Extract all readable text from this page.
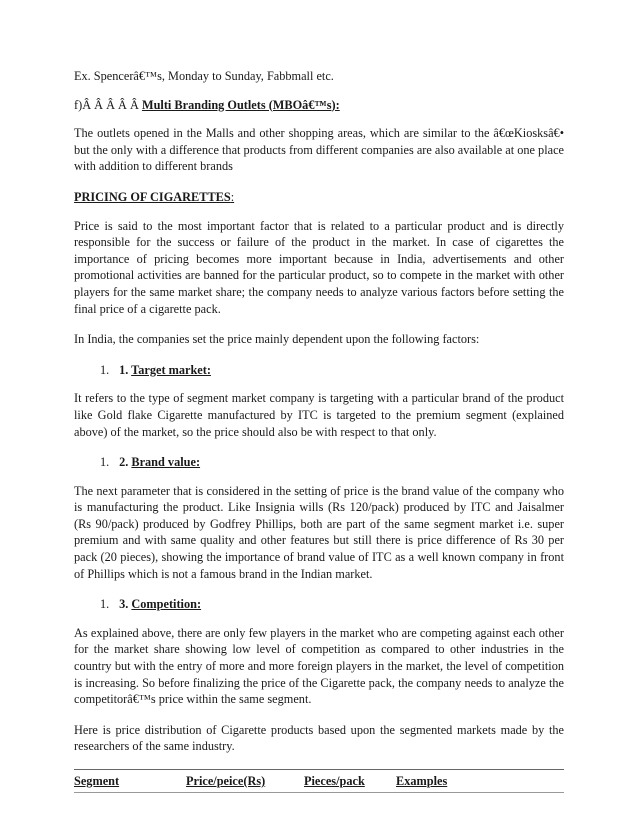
Ex. Spencerâ€™s, Monday to Sunday, Fabbmall etc.

f)Â Â Â Â Â Multi Branding Outlets (MBOâ€™s):

The outlets opened in the Malls and other shopping areas, which are similar to the â€œKiosksâ€• but the only with a difference that products from different companies are also available at one place with addition to different brands

PRICING OF CIGARETTES:

Price is said to the most important factor that is related to a particular product and is directly responsible for the success or failure of the product in the market. In case of cigarettes the importance of pricing becomes more important because in India, advertisements and other promotional activities are banned for the particular product, so to compete in the market with other players for the same market share; the company needs to analyze various factors before setting the final price of a cigarette pack.

In India, the companies set the price mainly dependent upon the following factors:

1. 1. Target market:

It refers to the type of segment market company is targeting with a particular brand of the product like Gold flake Cigarette manufactured by ITC is targeted to the premium segment (explained above) of the market, so the price should also be with respect to that only.

1. 2. Brand value:

The next parameter that is considered in the setting of price is the brand value of the company who is manufacturing the product. Like Insignia wills (Rs 120/pack) produced by ITC and Jaisalmer (Rs 90/pack) produced by Godfrey Phillips, both are part of the same segment market i.e. super premium and with same quality and other features but still there is price difference of Rs 30 per pack (20 pieces), showing the importance of brand value of ITC as a well known company in front of Phillips which is not a famous brand in the Indian market.

1. 3. Competition:

As explained above, there are only few players in the market who are competing against each other for the market share showing low level of competition as compared to other industries in the country but with the entry of more and more foreign players in the market, the level of competition is increasing. So before finalizing the price of the Cigarette pack, the company needs to analyze the competitorâ€™s price within the same segment.

Here is price distribution of Cigarette products based upon the segmented markets made by the researchers of the same industry.

Segment	Price/peice(Rs)	Pieces/pack	Examples
